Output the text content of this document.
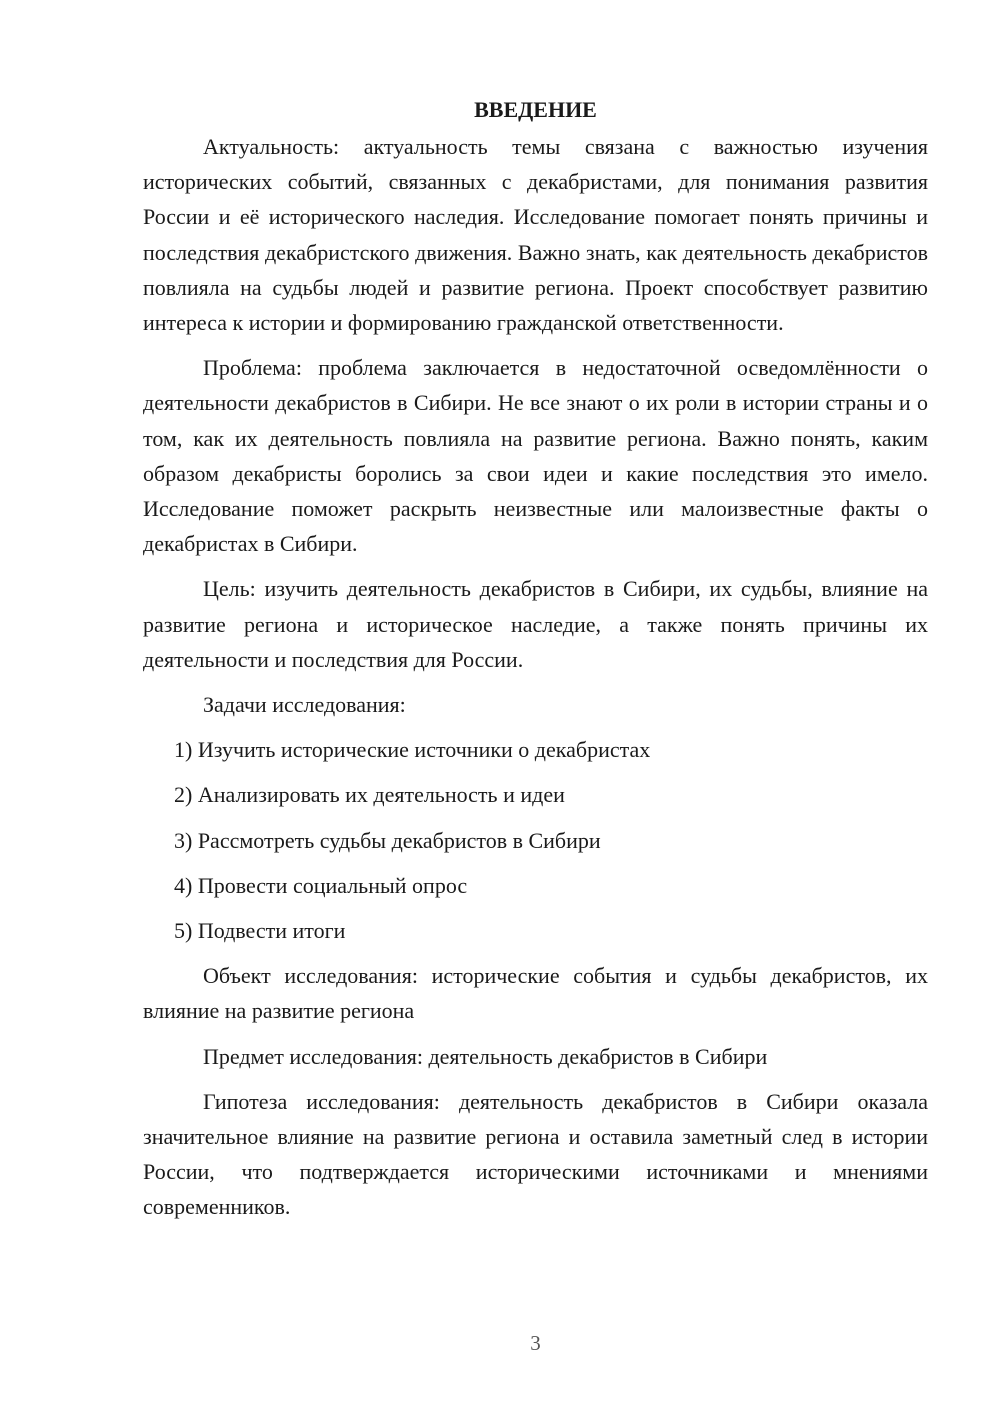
ВВЕДЕНИЕ

Актуальность: актуальность темы связана с важностью изучения исторических событий, связанных с декабристами, для понимания развития России и её исторического наследия. Исследование помогает понять причины и последствия декабристского движения. Важно знать, как деятельность декабристов повлияла на судьбы людей и развитие региона. Проект способствует развитию интереса к истории и формированию гражданской ответственности.

Проблема: проблема заключается в недостаточной осведомлённости о деятельности декабристов в Сибири. Не все знают о их роли в истории страны и о том, как их деятельность повлияла на развитие региона. Важно понять, каким образом декабристы боролись за свои идеи и какие последствия это имело. Исследование поможет раскрыть неизвестные или малоизвестные факты о декабристах в Сибири.

Цель: изучить деятельность декабристов в Сибири, их судьбы, влияние на развитие региона и историческое наследие, а также понять причины их деятельности и последствия для России.

Задачи исследования:

1) Изучить исторические источники о декабристах
2) Анализировать их деятельность и идеи
3) Рассмотреть судьбы декабристов в Сибири
4) Провести социальный опрос
5) Подвести итоги

Объект исследования: исторические события и судьбы декабристов, их влияние на развитие региона

Предмет исследования: деятельность декабристов в Сибири

Гипотеза исследования: деятельность декабристов в Сибири оказала значительное влияние на развитие региона и оставила заметный след в истории России, что подтверждается историческими источниками и мнениями современников.

3
